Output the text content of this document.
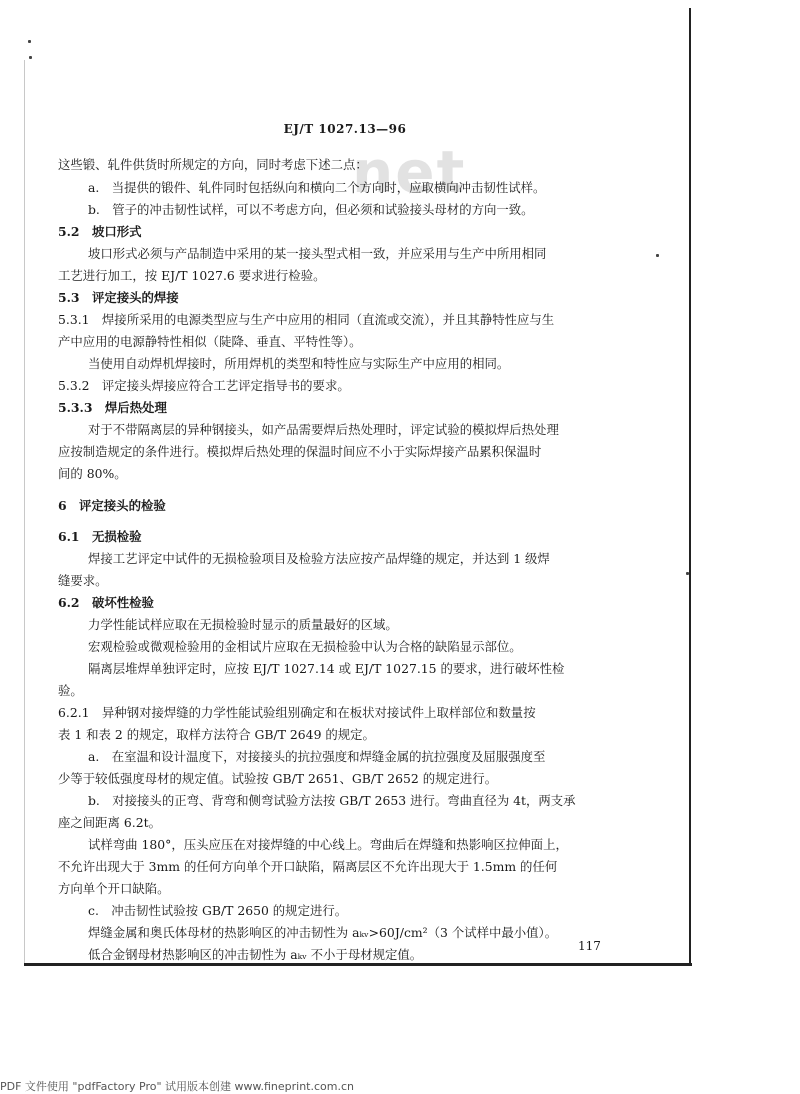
net
EJ/T 1027.13—96
这些锻、轧件供货时所规定的方向，同时考虑下述二点：
a.　当提供的锻件、轧件同时包括纵向和横向二个方向时，应取横向冲击韧性试样。
b.　管子的冲击韧性试样，可以不考虑方向，但必须和试验接头母材的方向一致。
5.2　坡口形式
坡口形式必须与产品制造中采用的某一接头型式相一致，并应采用与生产中所用相同
工艺进行加工，按 EJ/T 1027.6 要求进行检验。
5.3　评定接头的焊接
5.3.1　焊接所采用的电源类型应与生产中应用的相同（直流或交流），并且其静特性应与生
产中应用的电源静特性相似（陡降、垂直、平特性等）。
当使用自动焊机焊接时，所用焊机的类型和特性应与实际生产中应用的相同。
5.3.2　评定接头焊接应符合工艺评定指导书的要求。
5.3.3　焊后热处理
对于不带隔离层的异种钢接头，如产品需要焊后热处理时，评定试验的模拟焊后热处理
应按制造规定的条件进行。模拟焊后热处理的保温时间应不小于实际焊接产品累积保温时
间的 80%。
6　评定接头的检验
6.1　无损检验
焊接工艺评定中试件的无损检验项目及检验方法应按产品焊缝的规定，并达到 1 级焊
缝要求。
6.2　破坏性检验
力学性能试样应取在无损检验时显示的质量最好的区域。
宏观检验或微观检验用的金相试片应取在无损检验中认为合格的缺陷显示部位。
隔离层堆焊单独评定时，应按 EJ/T 1027.14 或 EJ/T 1027.15 的要求，进行破坏性检
验。
6.2.1　异种钢对接焊缝的力学性能试验组别确定和在板状对接试件上取样部位和数量按
表 1 和表 2 的规定，取样方法符合 GB/T 2649 的规定。
a.　在室温和设计温度下，对接接头的抗拉强度和焊缝金属的抗拉强度及屈服强度至
少等于较低强度母材的规定值。试验按 GB/T 2651、GB/T 2652 的规定进行。
b.　对接接头的正弯、背弯和侧弯试验方法按 GB/T 2653 进行。弯曲直径为 4t，两支承
座之间距离 6.2t。
试样弯曲 180°，压头应压在对接焊缝的中心线上。弯曲后在焊缝和热影响区拉伸面上，
不允许出现大于 3mm 的任何方向单个开口缺陷，隔离层区不允许出现大于 1.5mm 的任何
方向单个开口缺陷。
c.　冲击韧性试验按 GB/T 2650 的规定进行。
焊缝金属和奥氏体母材的热影响区的冲击韧性为 aₖᵥ>60J/cm²（3 个试样中最小值）。
低合金钢母材热影响区的冲击韧性为 aₖᵥ 不小于母材规定值。
117
PDF 文件使用 "pdfFactory Pro" 试用版本创建 www.fineprint.com.cn
